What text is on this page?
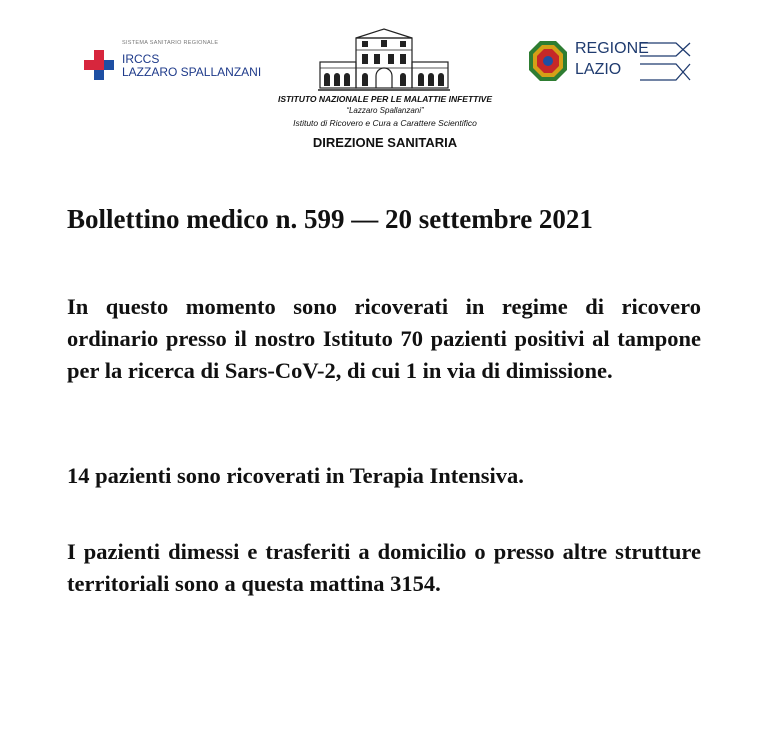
SISTEMA SANITARIO REGIONALE
IRCCS
LAZZARO SPALLANZANI
ISTITUTO NAZIONALE PER LE MALATTIE INFETTIVE
“Lazzaro Spallanzani”
Istituto di Ricovero e Cura a Carattere Scientifico
DIREZIONE SANITARIA
REGIONE
LAZIO
Bollettino medico n. 599 — 20 settembre 2021
In questo momento sono ricoverati in regime di ricovero ordinario presso il nostro Istituto 70 pazienti positivi al tampone per la ricerca di Sars-CoV-2, di cui 1 in via di dimissione.
14 pazienti sono ricoverati in Terapia Intensiva.
I pazienti dimessi e trasferiti a domicilio o presso altre strutture territoriali sono a questa mattina 3154.
